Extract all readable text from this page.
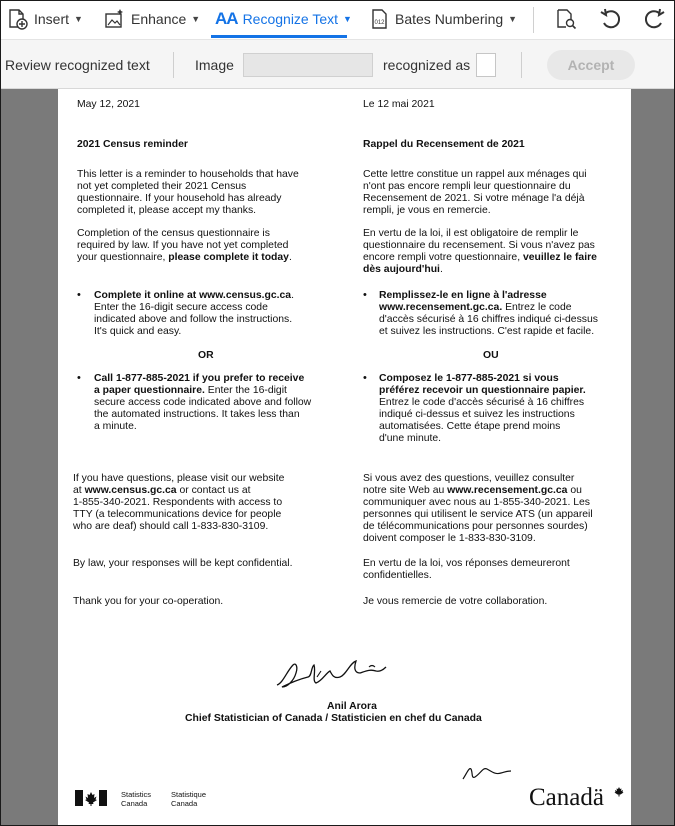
Insert ▼	Enhance ▼ AA Recognize Text ▼	012 Bates Numbering ▼
Review recognized text	Image	recognized as	Accept
May 12, 2021
2021 Census reminder
This letter is a reminder to households that have
not yet completed their 2021 Census
questionnaire. If your household has already
completed it, please accept my thanks.
Completion of the census questionnaire is
required by law. If you have not yet completed
your questionnaire, please complete it today.
• Complete it online at www.census.gc.ca.
Enter the 16-digit secure access code
indicated above and follow the instructions.
It's quick and easy.
OR
• Call 1-877-885-2021 if you prefer to receive
a paper questionnaire. Enter the 16-digit
secure access code indicated above and follow
the automated instructions. It takes less than
a minute.
If you have questions, please visit our website
at www.census.gc.ca or contact us at
1-855-340-2021. Respondents with access to
TTY (a telecommunications device for people
who are deaf) should call 1-833-830-3109.
By law, your responses will be kept confidential.
Thank you for your co-operation.
Le 12 mai 2021
Rappel du Recensement de 2021
Cette lettre constitue un rappel aux ménages qui
n'ont pas encore rempli leur questionnaire du
Recensement de 2021. Si votre ménage l'a déjà
rempli, je vous en remercie.
En vertu de la loi, il est obligatoire de remplir le
questionnaire du recensement. Si vous n'avez pas
encore rempli votre questionnaire, veuillez le faire
dès aujourd'hui.
• Remplissez-le en ligne à l'adresse
www.recensement.gc.ca. Entrez le code
d'accès sécurisé à 16 chiffres indiqué ci-dessus
et suivez les instructions. C'est rapide et facile.
OU
• Composez le 1-877-885-2021 si vous
préférez recevoir un questionnaire papier.
Entrez le code d'accès sécurisé à 16 chiffres
indiqué ci-dessus et suivez les instructions
automatisées. Cette étape prend moins
d'une minute.
Si vous avez des questions, veuillez consulter
notre site Web au www.recensement.gc.ca ou
communiquer avec nous au 1-855-340-2021. Les
personnes qui utilisent le service ATS (un appareil
de télécommunications pour personnes sourdes)
doivent composer le 1-833-830-3109.
En vertu de la loi, vos réponses demeureront
confidentielles.
Je vous remercie de votre collaboration.
Anil Arora
Chief Statistician of Canada / Statisticien en chef du Canada
Statistics
Canada
Statistique
Canada	Canadä
